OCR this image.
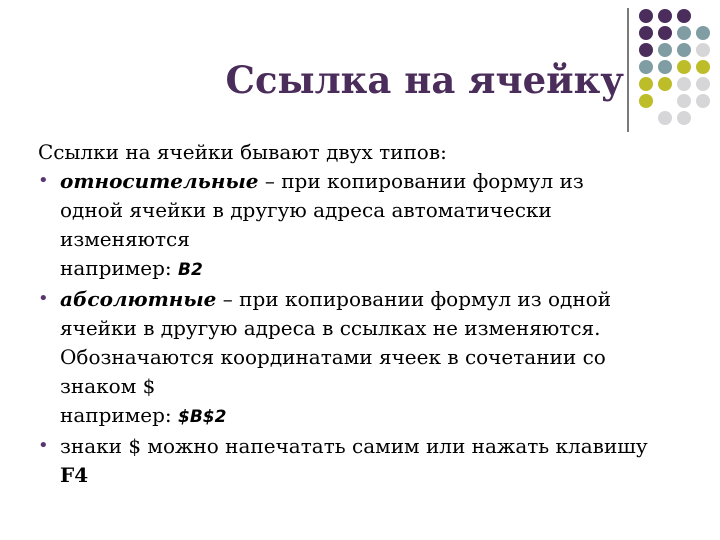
Ссылка на ячейку
Ссылки на ячейки бывают двух типов:
• относительные – при копировании формул из
одной ячейки в другую адреса автоматически
изменяются
например: B2
• абсолютные – при копировании формул из одной
ячейки в другую адреса в ссылках не изменяются.
Обозначаются координатами ячеек в сочетании со
знаком $
например: $B$2
• знаки $ можно напечатать самим или нажать клавишу
F4
